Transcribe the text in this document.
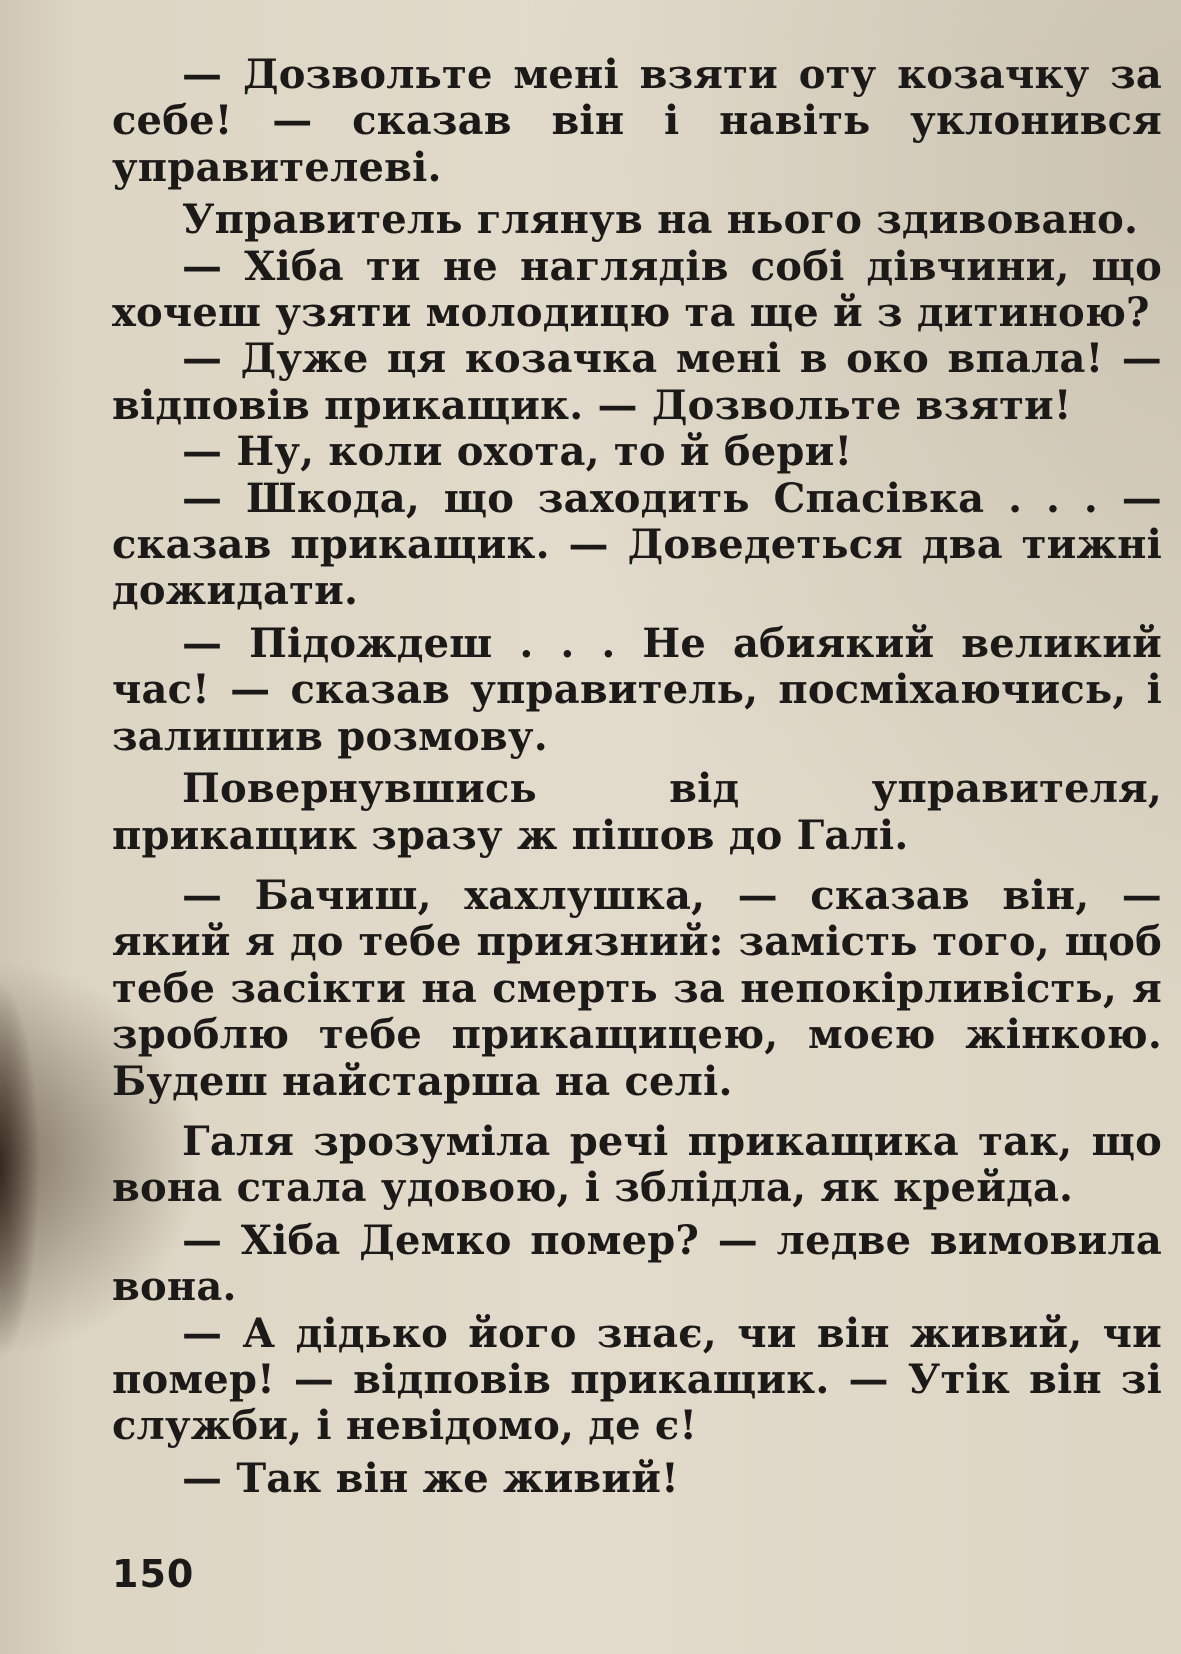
— Дозвольте мені взяти оту козачку за себе! — сказав він і навіть уклонився управителеві.

Управитель глянув на нього здивовано.

— Хіба ти не наглядів собі дівчини, що хочеш узяти молодицю та ще й з дитиною?

— Дуже ця козачка мені в око впала! — відповів прикащик. — Дозвольте взяти!

— Ну, коли охота, то й бери!

— Шкода, що заходить Спасівка . . . — сказав прикащик. — Доведеться два тижні дожидати.

— Підождеш . . . Не абиякий великий час! — сказав управитель, посміхаючись, і залишив розмову.

Повернувшись від управителя, прикащик зразу ж пішов до Галі.

— Бачиш, хахлушка, — сказав він, — який я до тебе приязний: замість того, щоб тебе засікти на смерть за непокірливість, я зроблю тебе прикащицею, моєю жінкою. Будеш найстарша на селі.

Галя зрозуміла речі прикащика так, що вона стала удовою, і зблідла, як крейда.

— Хіба Демко помер? — ледве вимовила вона.

— А дідько його знає, чи він живий, чи помер! — відповів прикащик. — Утік він зі служби, і невідомо, де є!

— Так він же живий!

150
